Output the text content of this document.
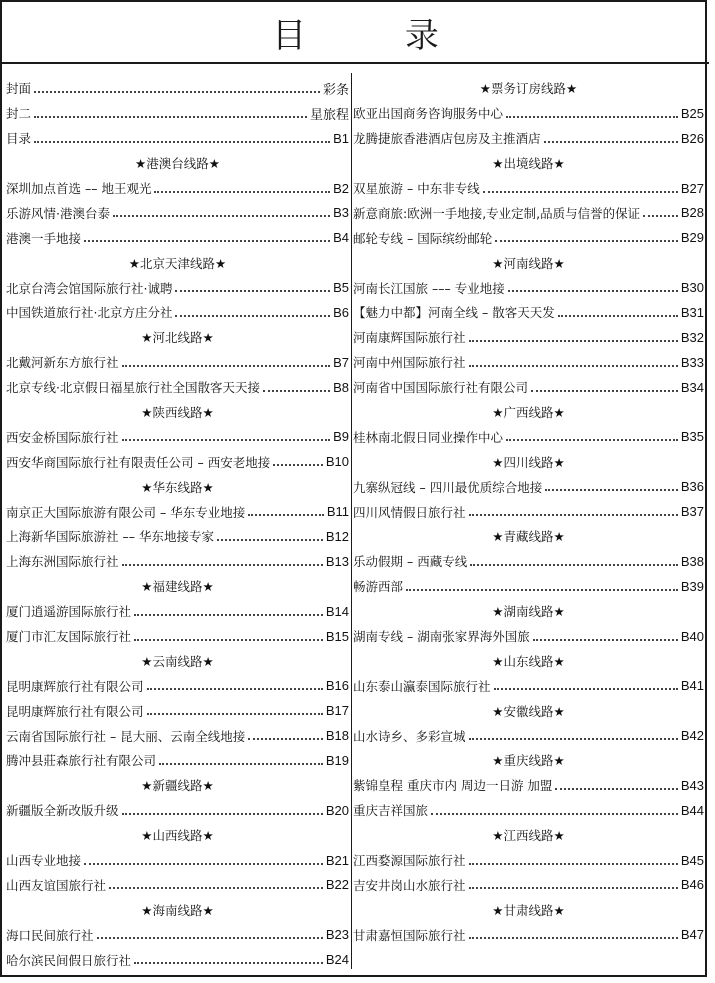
目 录
封面	彩条
封二	星旅程
目录	B1
★港澳台线路★
深圳加点首选 –– 地王观光	B2
乐游风情·港澳台泰	B3
港澳一手地接	B4
★北京天津线路★
北京台湾会馆国际旅行社·诚聘	B5
中国铁道旅行社·北京方庄分社	B6
★河北线路★
北戴河新东方旅行社	B7
北京专线·北京假日福星旅行社全国散客天天接	B8
★陕西线路★
西安金桥国际旅行社	B9
西安华商国际旅行社有限责任公司 – 西安老地接	B10
★华东线路★
南京正大国际旅游有限公司 – 华东专业地接	B11
上海新华国际旅游社 –– 华东地接专家	B12
上海东洲国际旅行社	B13
★福建线路★
厦门逍遥游国际旅行社	B14
厦门市汇友国际旅行社	B15
★云南线路★
昆明康辉旅行社有限公司	B16
昆明康辉旅行社有限公司	B17
云南省国际旅行社 – 昆大丽、云南全线地接	B18
腾冲县莊森旅行社有限公司	B19
★新疆线路★
新疆版全新改版升级	B20
★山西线路★
山西专业地接	B21
山西友谊国旅行社	B22
★海南线路★
海口民间旅行社	B23
哈尔滨民间假日旅行社	B24
★票务订房线路★
欧亚出国商务咨询服务中心	B25
龙腾捷旅香港酒店包房及主推酒店	B26
★出境线路★
双星旅游 – 中东非专线	B27
新意商旅:欧洲一手地接,专业定制,品质与信誉的保证	B28
邮轮专线 – 国际缤纷邮轮	B29
★河南线路★
河南长江国旅 ––– 专业地接	B30
【魅力中都】河南全线 – 散客天天发	B31
河南康辉国际旅行社	B32
河南中州国际旅行社	B33
河南省中国国际旅行社有限公司	B34
★广西线路★
桂林南北假日同业操作中心	B35
★四川线路★
九寨纵冠线 – 四川最优质综合地接	B36
四川风情假日旅行社	B37
★青藏线路★
乐动假期 – 西藏专线	B38
畅游西部	B39
★湖南线路★
湖南专线 – 湖南张家界海外国旅	B40
★山东线路★
山东泰山瀛泰国际旅行社	B41
★安徽线路★
山水诗乡、多彩宣城	B42
★重庆线路★
紫锦皇程 重庆市内 周边一日游 加盟	B43
重庆吉祥国旅	B44
★江西线路★
江西婺源国际旅行社	B45
吉安井岗山水旅行社	B46
★甘肃线路★
甘肃嘉恒国际旅行社	B47
